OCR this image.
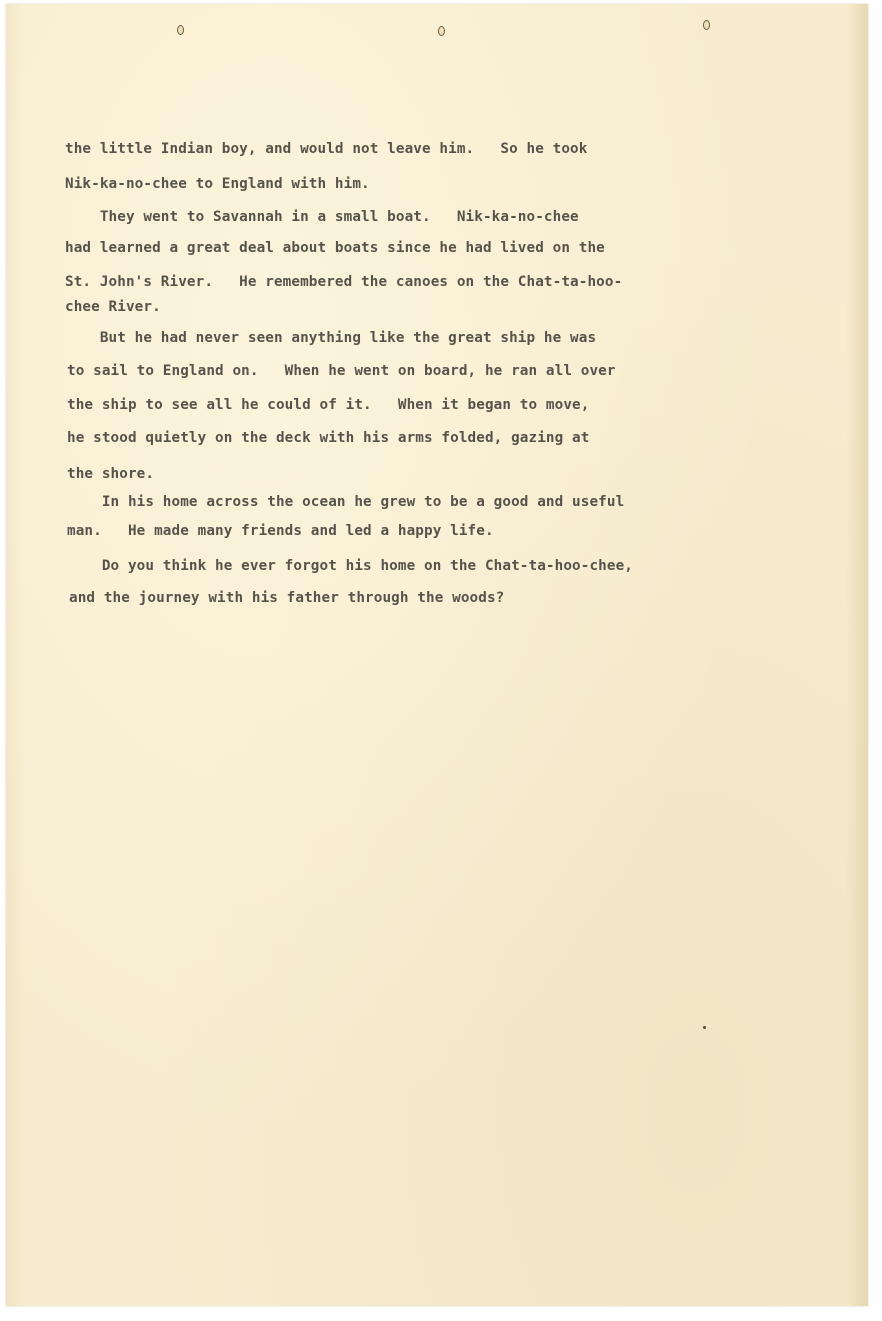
the little Indian boy, and would not leave him.   So he took

Nik-ka-no-chee to England with him.

They went to Savannah in a small boat.   Nik-ka-no-chee

had learned a great deal about boats since he had lived on the

St. John's River.   He remembered the canoes on the Chat-ta-hoo-

chee River.

But he had never seen anything like the great ship he was

to sail to England on.   When he went on board, he ran all over

the ship to see all he could of it.   When it began to move,

he stood quietly on the deck with his arms folded, gazing at

the shore.

In his home across the ocean he grew to be a good and useful

man.   He made many friends and led a happy life.

Do you think he ever forgot his home on the Chat-ta-hoo-chee,

and the journey with his father through the woods?
